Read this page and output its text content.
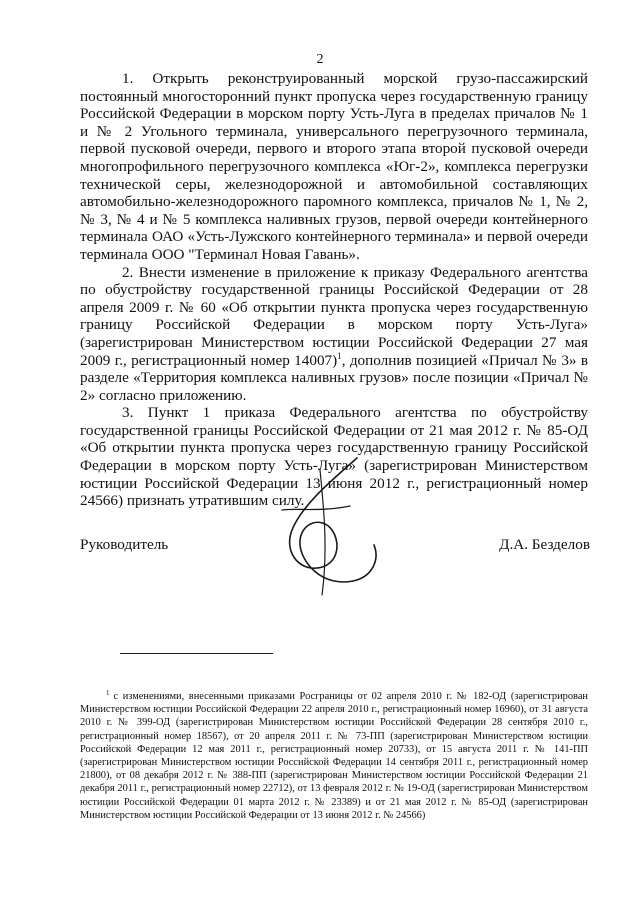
2

1. Открыть реконструированный морской грузо-пассажирский постоянный многосторонний пункт пропуска через государственную границу Российской Федерации в морском порту Усть-Луга в пределах причалов № 1 и № 2 Угольного терминала, универсального перегрузочного терминала, первой пусковой очереди, первого и второго этапа второй пусковой очереди многопрофильного перегрузочного комплекса «Юг-2», комплекса перегрузки технической серы, железнодорожной и автомобильной составляющих автомобильно-железнодорожного паромного комплекса, причалов № 1, № 2, № 3, № 4 и № 5 комплекса наливных грузов, первой очереди контейнерного терминала ОАО «Усть-Лужского контейнерного терминала» и первой очереди терминала ООО "Терминал Новая Гавань».

2. Внести изменение в приложение к приказу Федерального агентства по обустройству государственной границы Российской Федерации от 28 апреля 2009 г. № 60 «Об открытии пункта пропуска через государственную границу Российской Федерации в морском порту Усть-Луга» (зарегистрирован Министерством юстиции Российской Федерации 27 мая 2009 г., регистрационный номер 14007)$^1$, дополнив позицией «Причал № 3» в разделе «Территория комплекса наливных грузов» после позиции «Причал № 2» согласно приложению.

3. Пункт 1 приказа Федерального агентства по обустройству государственной границы Российской Федерации от 21 мая 2012 г. № 85-ОД «Об открытии пункта пропуска через государственную границу Российской Федерации в морском порту Усть-Луга» (зарегистрирован Министерством юстиции Российской Федерации 13 июня 2012 г., регистрационный номер 24566) признать утратившим силу.

Руководитель	Д.А. Безделов
$^1$ с изменениями, внесенными приказами Росграницы от 02 апреля 2010 г. № 182-ОД (зарегистрирован Министерством юстиции Российской Федерации 22 апреля 2010 г., регистрационный номер 16960), от 31 августа 2010 г. № 399-ОД (зарегистрирован Министерством юстиции Российской Федерации 28 сентября 2010 г., регистрационный номер 18567), от 20 апреля 2011 г. № 73-ПП (зарегистрирован Министерством юстиции Российской Федерации 12 мая 2011 г., регистрационный номер 20733), от 15 августа 2011 г. № 141-ПП (зарегистрирован Министерством юстиции Российской Федерации 14 сентября 2011 г., регистрационный номер 21800), от 08 декабря 2012 г. № 388-ПП (зарегистрирован Министерством юстиции Российской Федерации 21 декабря 2011 г., регистрационный номер 22712), от 13 февраля 2012 г. № 19-ОД (зарегистрирован Министерством юстиции Российской Федерации 01 марта 2012 г. № 23389) и от 21 мая 2012 г. № 85-ОД (зарегистрирован Министерством юстиции Российской Федерации от 13 июня 2012 г. № 24566)
